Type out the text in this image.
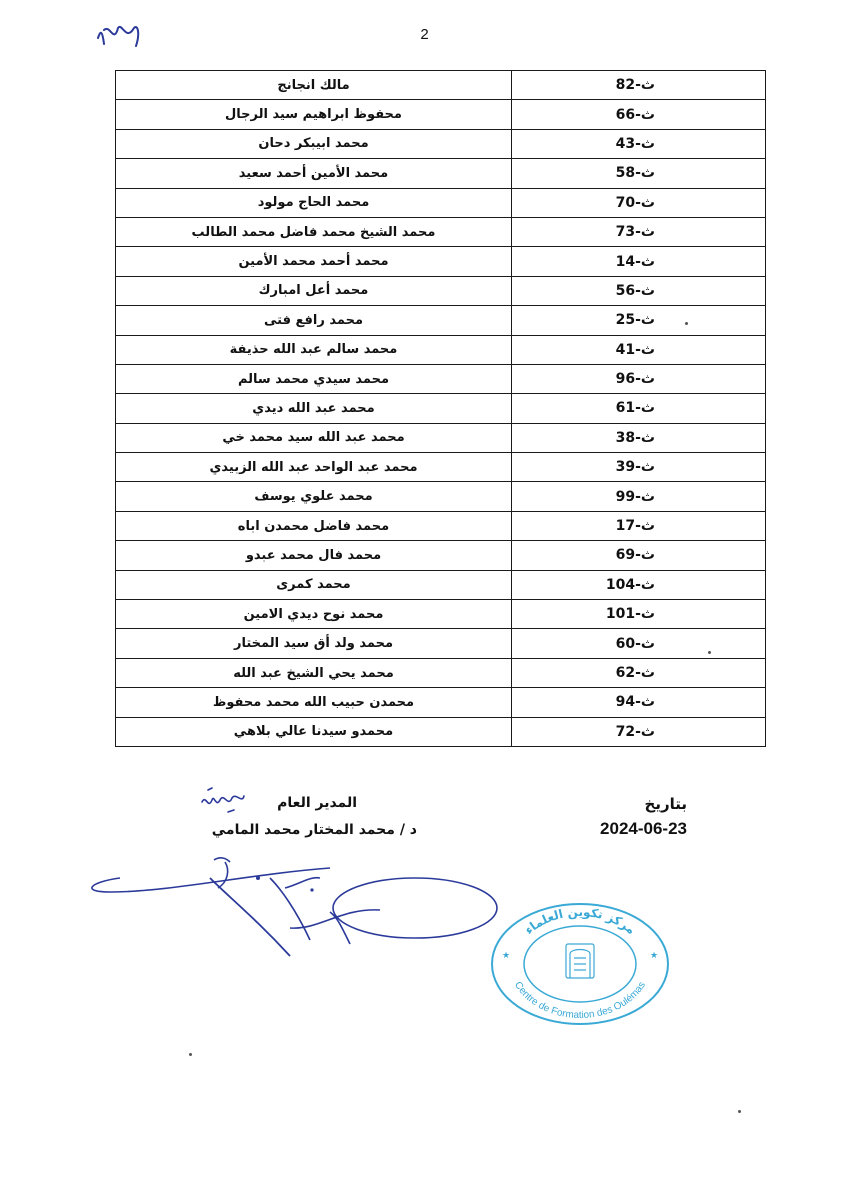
2
ث-82	مالك انجانج
ث-66	محفوظ ابراهيم سيد الرجال
ث-43	محمد ابيبكر دحان
ث-58	محمد الأمين أحمد سعيد
ث-70	محمد الحاج مولود
ث-73	محمد الشيخ محمد فاضل محمد الطالب
ث-14	محمد أحمد محمد الأمين
ث-56	محمد أعل امبارك
ث-25	محمد رافع فتى
ث-41	محمد سالم عبد الله حذيفة
ث-96	محمد سيدي محمد سالم
ث-61	محمد عبد الله ديدي
ث-38	محمد عبد الله سيد محمد خي
ث-39	محمد عبد الواحد عبد الله الزبيدي
ث-99	محمد علوي يوسف
ث-17	محمد فاضل محمدن اباه
ث-69	محمد فال محمد عبدو
ث-104	محمد كمرى
ث-101	محمد نوح ديدي الامين
ث-60	محمد ولد أق سيد المختار
ث-62	محمد يحي الشيخ عبد الله
ث-94	محمدن حبيب الله محمد محفوظ
ث-72	محمدو سيدنا عالي بلاهي
بتاريخ
2024-06-23
المدير العام
د / محمد المختار محمد المامي
مركز تكوين العلماء
Centre de Formation des Oulémas
★	★
